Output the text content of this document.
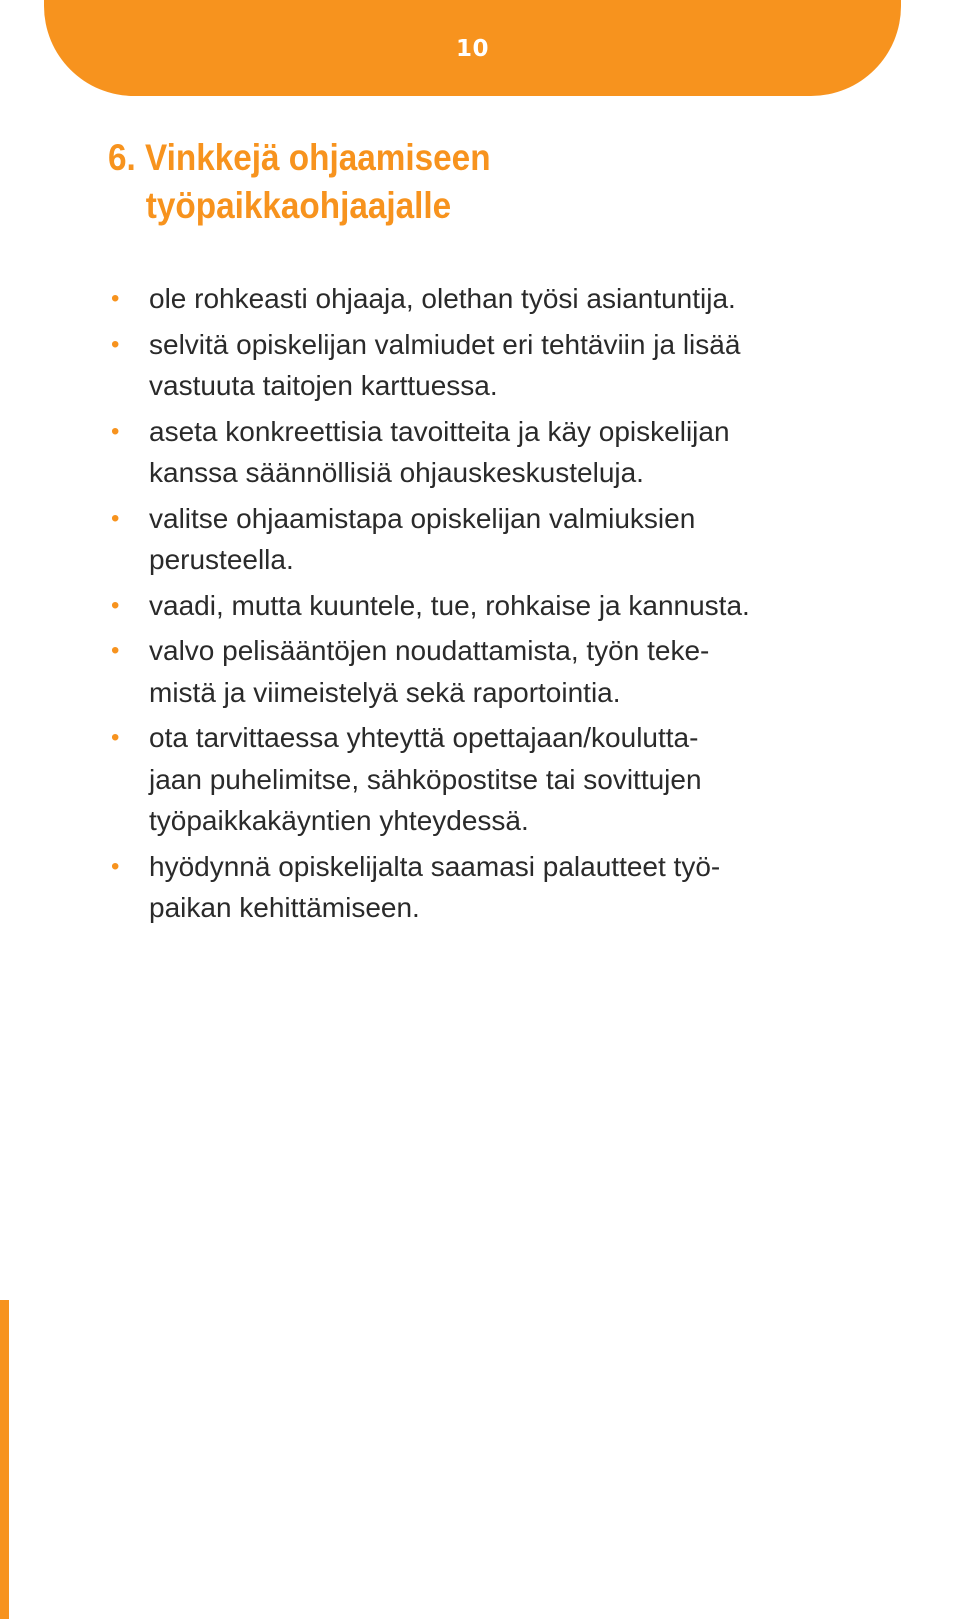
10
6. Vinkkejä ohjaamiseen
työpaikkaohjaajalle
• ole rohkeasti ohjaaja, olethan työsi asiantuntija.
• selvitä opiskelijan valmiudet eri tehtäviin ja lisää
vastuuta taitojen karttuessa.
• aseta konkreettisia tavoitteita ja käy opiskelijan
kanssa säännöllisiä ohjauskeskusteluja.
• valitse ohjaamistapa opiskelijan valmiuksien
perusteella.
• vaadi, mutta kuuntele, tue, rohkaise ja kannusta.
• valvo pelisääntöjen noudattamista, työn teke-
mistä ja viimeistelyä sekä raportointia.
• ota tarvittaessa yhteyttä opettajaan/koulutta-
jaan puhelimitse, sähköpostitse tai sovittujen
työpaikkakäyntien yhteydessä.
• hyödynnä opiskelijalta saamasi palautteet työ-
paikan kehittämiseen.
